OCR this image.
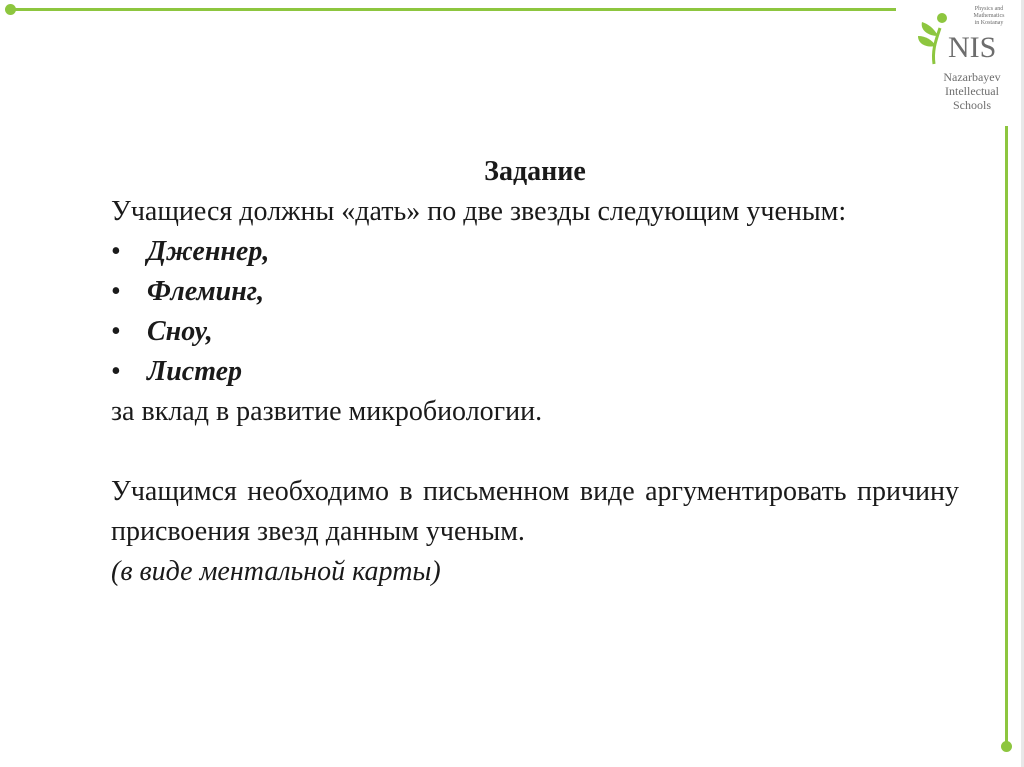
Physics and
Mathematics
in Kostanay
NIS
Nazarbayev
Intellectual
Schools
Задание

Учащиеся должны «дать» по две звезды следующим ученым:

• Дженнер,
• Флеминг,
• Сноу,
• Листер

за вклад в развитие микробиологии.

Учащимся необходимо в письменном виде аргументировать причину присвоения звезд данным ученым.

(в виде ментальной карты)
